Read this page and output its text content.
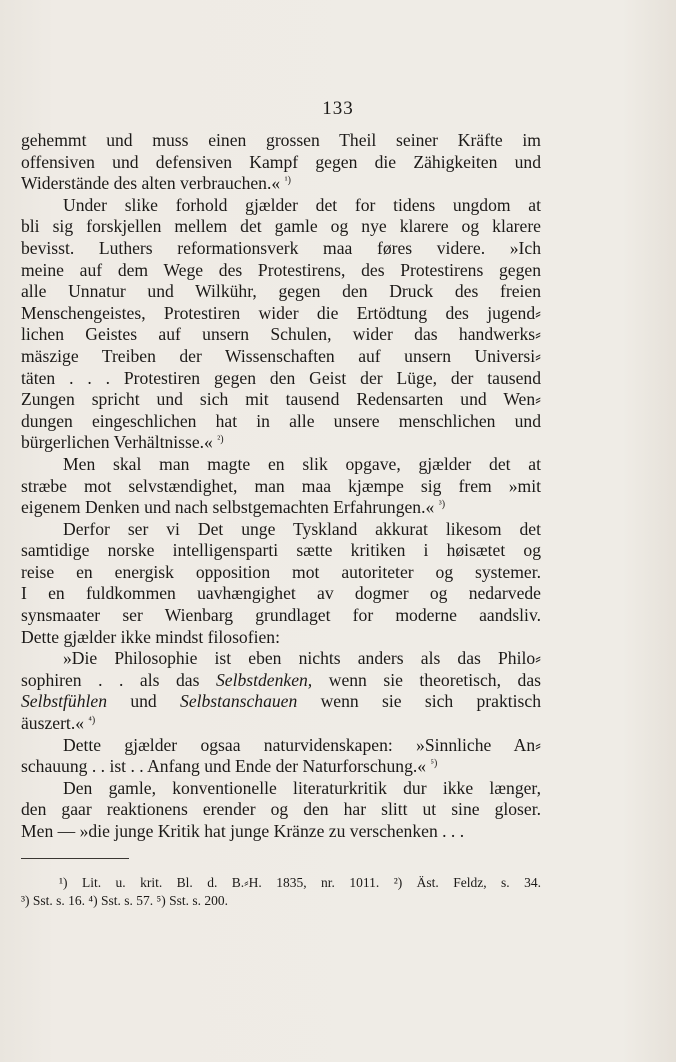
133

gehemmt und muss einen grossen Theil seiner Kräfte im
offensiven und defensiven Kampf gegen die Zähigkeiten und
Widerstände des alten verbrauchen.« $^{^1)}$

Under slike forhold gjælder det for tidens ungdom at
bli sig forskjellen mellem det gamle og nye klarere og klarere
bevisst. Luthers reformationsverk maa føres videre. »Ich
meine auf dem Wege des Protestirens, des Protestirens gegen
alle Unnatur und Wilkühr, gegen den Druck des freien
Menschengeistes, Protestiren wider die Ertödtung des jugend⸗
lichen Geistes auf unsern Schulen, wider das handwerks⸗
mäszige Treiben der Wissenschaften auf unsern Universi⸗
täten . . . Protestiren gegen den Geist der Lüge, der tausend
Zungen spricht und sich mit tausend Redensarten und Wen⸗
dungen eingeschlichen hat in alle unsere menschlichen und
bürgerlichen Verhältnisse.« $^{^2)}$

Men skal man magte en slik opgave, gjælder det at
stræbe mot selvstændighet, man maa kjæmpe sig frem »mit
eigenem Denken und nach selbstgemachten Erfahrungen.« $^{^3)}$

Derfor ser vi Det unge Tyskland akkurat likesom det
samtidige norske intelligensparti sætte kritiken i høisætet og
reise en energisk opposition mot autoriteter og systemer.
I en fuldkommen uavhængighet av dogmer og nedarvede
synsmaater ser Wienbarg grundlaget for moderne aandsliv.
Dette gjælder ikke mindst filosofien:

»Die Philosophie ist eben nichts anders als das Philo⸗
sophiren . . als das Selbstdenken, wenn sie theoretisch, das
Selbstfühlen und Selbstanschauen wenn sie sich praktisch
äuszert.« $^{^4)}$

Dette gjælder ogsaa naturvidenskapen: »Sinnliche An⸗
schauung . . ist . . Anfang und Ende der Naturforschung.« $^{^5)}$

Den gamle, konventionelle literaturkritik dur ikke længer,
den gaar reaktionens erender og den har slitt ut sine gloser.
Men — »die junge Kritik hat junge Kränze zu verschenken . . .

¹) Lit. u. krit. Bl. d. B.⸗H. 1835, nr. 1011. ²) Äst. Feldz, s. 34.
³) Sst. s. 16. ⁴) Sst. s. 57. ⁵) Sst. s. 200.
